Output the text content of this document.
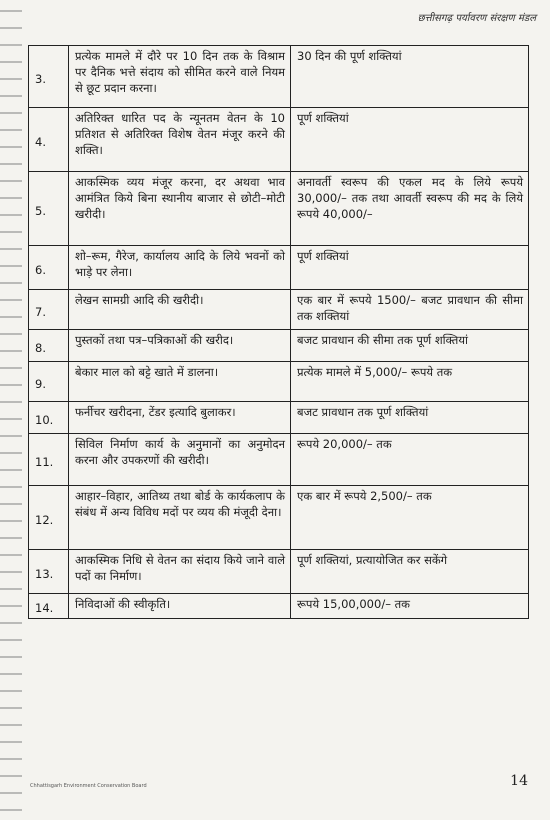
छत्तीसगढ़ पर्यावरण संरक्षण मंडल
3.	प्रत्येक मामले में दौरे पर 10 दिन तक के विश्राम पर दैनिक भत्ते संदाय को सीमित करने वाले नियम से छूट प्रदान करना।	30 दिन की पूर्ण शक्तियां
4.	अतिरिक्त धारित पद के न्यूनतम वेतन के 10 प्रतिशत से अतिरिक्त विशेष वेतन मंजूर करने की शक्ति।	पूर्ण शक्तियां
5.	आकस्मिक व्यय मंजूर करना, दर अथवा भाव आमंत्रित किये बिना स्थानीय बाजार से छोटी–मोटी खरीदी।	अनावर्ती स्वरूप की एकल मद के लिये रूपये 30,000/– तक तथा आवर्ती स्वरूप की मद के लिये रूपये 40,000/–
6.	शो–रूम, गैरेज, कार्यालय आदि के लिये भवनों को भाड़े पर लेना।	पूर्ण शक्तियां
7.	लेखन सामग्री आदि की खरीदी।	एक बार में रूपये 1500/– बजट प्रावधान की सीमा तक शक्तियां
8.	पुस्तकों तथा पत्र–पत्रिकाओं की खरीद।	बजट प्रावधान की सीमा तक पूर्ण शक्तियां
9.	बेकार माल को बट्टे खाते में डालना।	प्रत्येक मामले में 5,000/– रूपये तक
10.	फर्नीचर खरीदना, टेंडर इत्यादि बुलाकर।	बजट प्रावधान तक पूर्ण शक्तियां
11.	सिविल निर्माण कार्य के अनुमानों का अनुमोदन करना और उपकरणों की खरीदी।	रूपये 20,000/– तक
12.	आहार–विहार, आतिथ्य तथा बोर्ड के कार्यकलाप के संबंध में अन्य विविध मदों पर व्यय की मंजूदी देना।	एक बार में रूपये 2,500/– तक
13.	आकस्मिक निधि से वेतन का संदाय किये जाने वाले पदों का निर्माण।	पूर्ण शक्तियां, प्रत्यायोजित कर सकेंगे
14.	निविदाओं की स्वीकृति।	रूपये 15,00,000/– तक
Chhattisgarh Environment Conservation Board	14
